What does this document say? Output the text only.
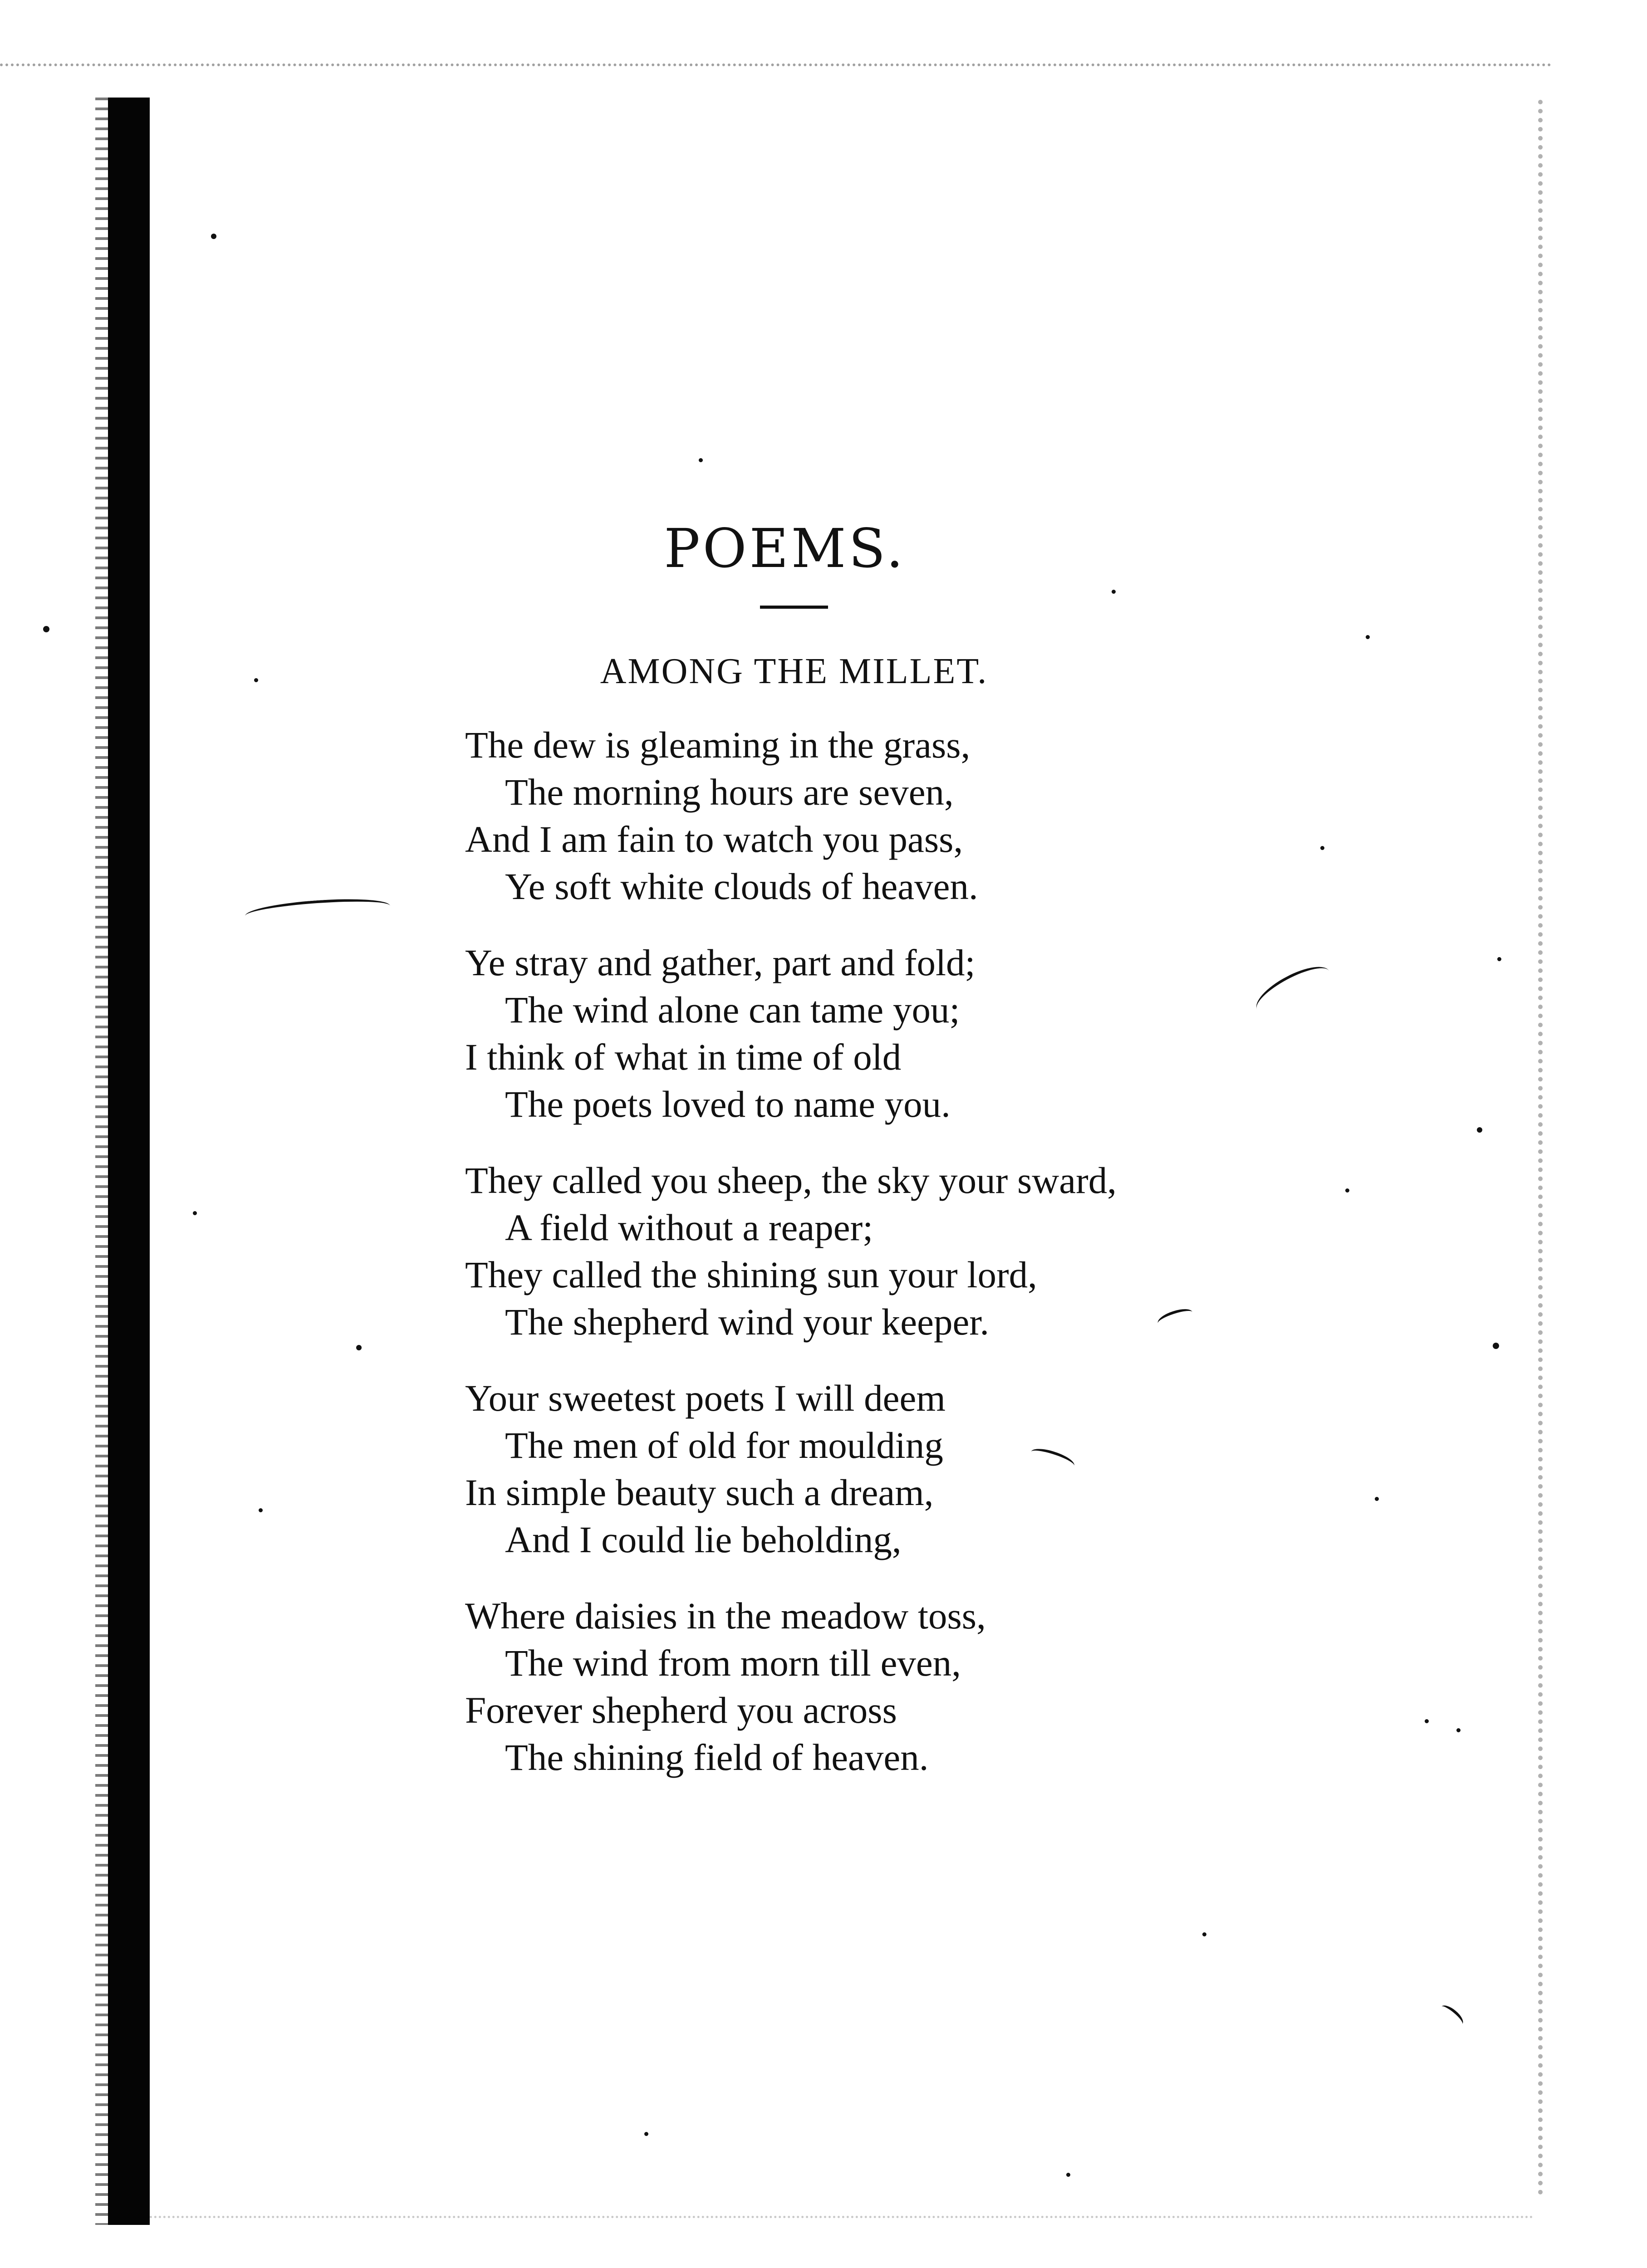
POEMS.
AMONG THE MILLET.
The dew is gleaming in the grass,
The morning hours are seven,
And I am fain to watch you pass,
Ye soft white clouds of heaven.
Ye stray and gather, part and fold;
The wind alone can tame you;
I think of what in time of old
The poets loved to name you.
They called you sheep, the sky your sward,
A field without a reaper;
They called the shining sun your lord,
The shepherd wind your keeper.
Your sweetest poets I will deem
The men of old for moulding
In simple beauty such a dream,
And I could lie beholding,
Where daisies in the meadow toss,
The wind from morn till even,
Forever shepherd you across
The shining field of heaven.
